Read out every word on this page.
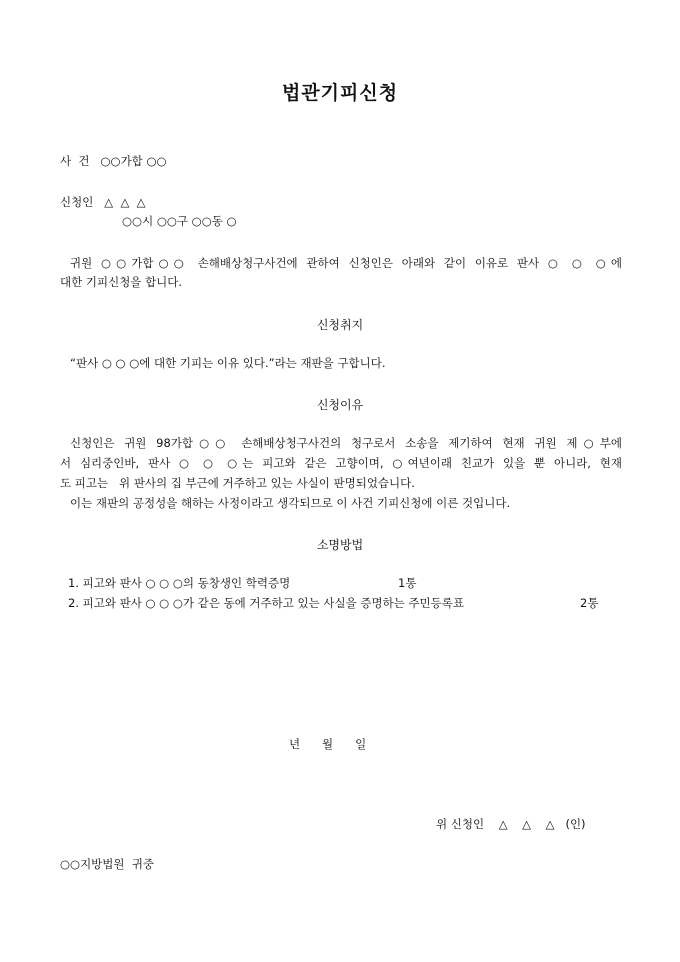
법관기피신청
사  건   ○○가합 ○○
신청인   △  △  △
○○시 ○○구 ○○동 ○
귀원 ○○가합○○ 손해배상청구사건에 관하여 신청인은 아래와 같이 이유로 판사 ○ ○ ○에
대한 기피신청을 합니다.
신청취지
“판사 ○ ○ ○에 대한 기피는 이유 있다.”라는 재판을 구합니다.
신청이유
신청인은 귀원 98가합○○ 손해배상청구사건의 청구로서 소송을 제기하여 현재 귀원 제○부에
서 심리중인바, 판사 ○ ○ ○는 피고와 같은 고향이며, ○여년이래 친교가 있을 뿐 아니라, 현재
도 피고는   위 판사의 집 부근에 거주하고 있는 사실이 판명되었습니다.
이는 재판의 공정성을 해하는 사정이라고 생각되므로 이 사건 기피신청에 이른 것입니다.
소명방법
1. 피고와 판사 ○ ○ ○의 동창생인 학력증명	1통
2. 피고와 판사 ○ ○ ○가 같은 동에 거주하고 있는 사실을 증명하는 주민등록표	2통
년      월      일
위 신청인    △    △    △   (인)
○○지방법원  귀중
